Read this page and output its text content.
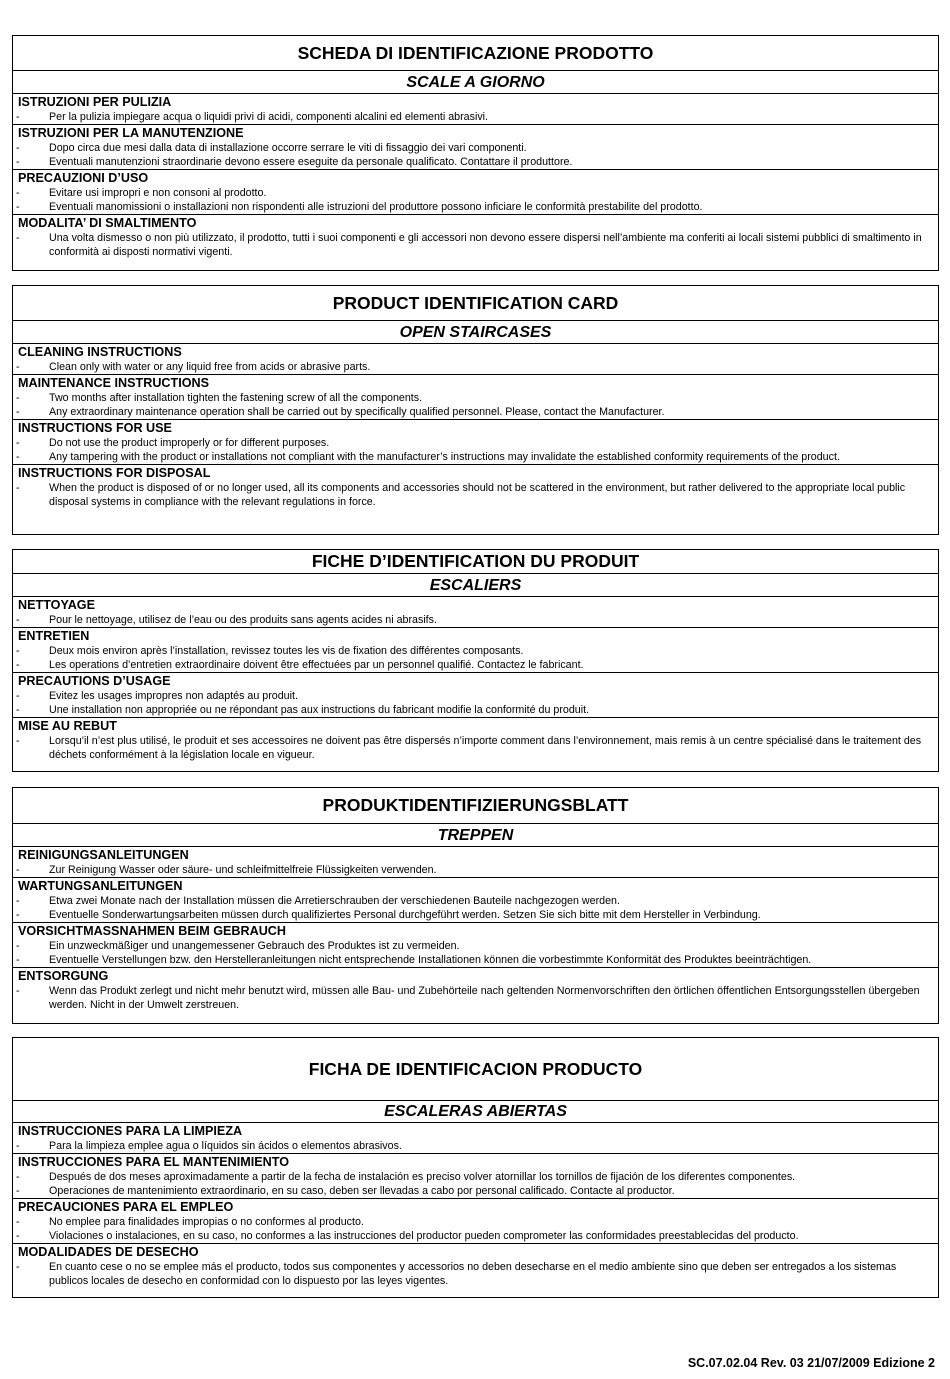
SCHEDA DI IDENTIFICAZIONE PRODOTTO
SCALE A GIORNO
ISTRUZIONI PER PULIZIA
-	Per la pulizia impiegare acqua o liquidi privi di acidi, componenti alcalini ed elementi abrasivi.
ISTRUZIONI PER LA MANUTENZIONE
-	Dopo circa due mesi dalla data di installazione occorre serrare le viti di fissaggio dei vari componenti.
-	Eventuali manutenzioni straordinarie devono essere eseguite da personale qualificato. Contattare il produttore.
PRECAUZIONI D’USO
-	Evitare usi impropri e non consoni al prodotto.
-	Eventuali manomissioni o installazioni non rispondenti alle istruzioni del produttore possono inficiare le conformità prestabilite del prodotto.
MODALITA’ DI SMALTIMENTO
-	Una volta dismesso o non più utilizzato, il prodotto, tutti i suoi componenti e gli accessori non devono essere dispersi nell’ambiente ma conferiti ai locali sistemi pubblici di smaltimento in conformità ai disposti normativi vigenti.
PRODUCT IDENTIFICATION CARD
OPEN STAIRCASES
CLEANING INSTRUCTIONS
-	Clean only with water or any liquid free from acids or abrasive parts.
MAINTENANCE INSTRUCTIONS
-	Two months after installation tighten the fastening screw of all the components.
-	Any extraordinary maintenance operation shall be carried out by specifically qualified personnel. Please, contact the Manufacturer.
INSTRUCTIONS FOR USE
-	Do not use the product improperly or for different purposes.
-	Any tampering with the product or installations not compliant with the manufacturer’s instructions may invalidate the established conformity requirements of the product.
INSTRUCTIONS FOR DISPOSAL
-	When the product is disposed of or no longer used, all its components and accessories should not be scattered in the environment, but rather delivered to the appropriate local public disposal systems in compliance with the relevant regulations in force.
FICHE D’IDENTIFICATION DU PRODUIT
ESCALIERS
NETTOYAGE
-	Pour le nettoyage, utilisez de l’eau ou des produits sans agents acides ni abrasifs.
ENTRETIEN
-	Deux mois environ après l’installation, revissez toutes les vis de fixation des différentes composants.
-	Les operations d’entretien extraordinaire doivent être effectuées par un personnel qualifié. Contactez le fabricant.
PRECAUTIONS D’USAGE
-	Evitez les usages impropres non adaptés au produit.
-	Une installation non appropriée ou ne répondant pas aux instructions du fabricant modifie la conformité du produit.
MISE AU REBUT
-	Lorsqu’il n’est plus utilisé, le produit et ses accessoires ne doivent pas être dispersés n’importe comment dans l’environnement, mais remis à un centre spécialisé dans le traitement des déchets conformément à la législation locale en vigueur.
PRODUKTIDENTIFIZIERUNGSBLATT
TREPPEN
REINIGUNGSANLEITUNGEN
-	Zur Reinigung Wasser oder säure- und schleifmittelfreie Flüssigkeiten verwenden.
WARTUNGSANLEITUNGEN
-	Etwa zwei Monate nach der Installation müssen die Arretierschrauben der verschiedenen Bauteile nachgezogen werden.
-	Eventuelle Sonderwartungsarbeiten müssen durch qualifiziertes Personal durchgeführt werden. Setzen Sie sich bitte mit dem Hersteller in Verbindung.
VORSICHTMASSNAHMEN BEIM GEBRAUCH
-	Ein unzweckmäßiger und unangemessener Gebrauch des Produktes ist zu vermeiden.
-	Eventuelle Verstellungen bzw. den Herstelleranleitungen nicht entsprechende Installationen können die vorbestimmte Konformität des Produktes beeinträchtigen.
ENTSORGUNG
-	Wenn das Produkt zerlegt und nicht mehr benutzt wird, müssen alle Bau- und Zubehörteile nach geltenden Normenvorschriften den örtlichen öffentlichen Entsorgungsstellen übergeben werden. Nicht in der Umwelt zerstreuen.
FICHA DE IDENTIFICACION PRODUCTO
ESCALERAS ABIERTAS
INSTRUCCIONES PARA LA LIMPIEZA
-	Para la limpieza emplee agua o líquidos sin ácidos o elementos abrasivos.
INSTRUCCIONES PARA EL MANTENIMIENTO
-	Después de dos meses aproximadamente a partir de la fecha de instalación es preciso volver atornillar los tornillos de fijación de los diferentes componentes.
-	Operaciones de mantenimiento extraordinario, en su caso, deben ser llevadas a cabo por personal calificado. Contacte al productor.
PRECAUCIONES PARA EL EMPLEO
-	No emplee para finalidades impropias o no conformes al producto.
-	Violaciones o instalaciones, en su caso, no conformes a las instrucciones del productor pueden comprometer las conformidades preestablecidas del producto.
MODALIDADES DE DESECHO
-	En cuanto cese o no se emplee más el producto, todos sus componentes y accessorios no deben desecharse en el medio ambiente sino que deben ser entregados a los sistemas publicos locales de desecho en conformidad con lo dispuesto por las leyes vigentes.
SC.07.02.04 Rev. 03 21/07/2009 Edizione 2
